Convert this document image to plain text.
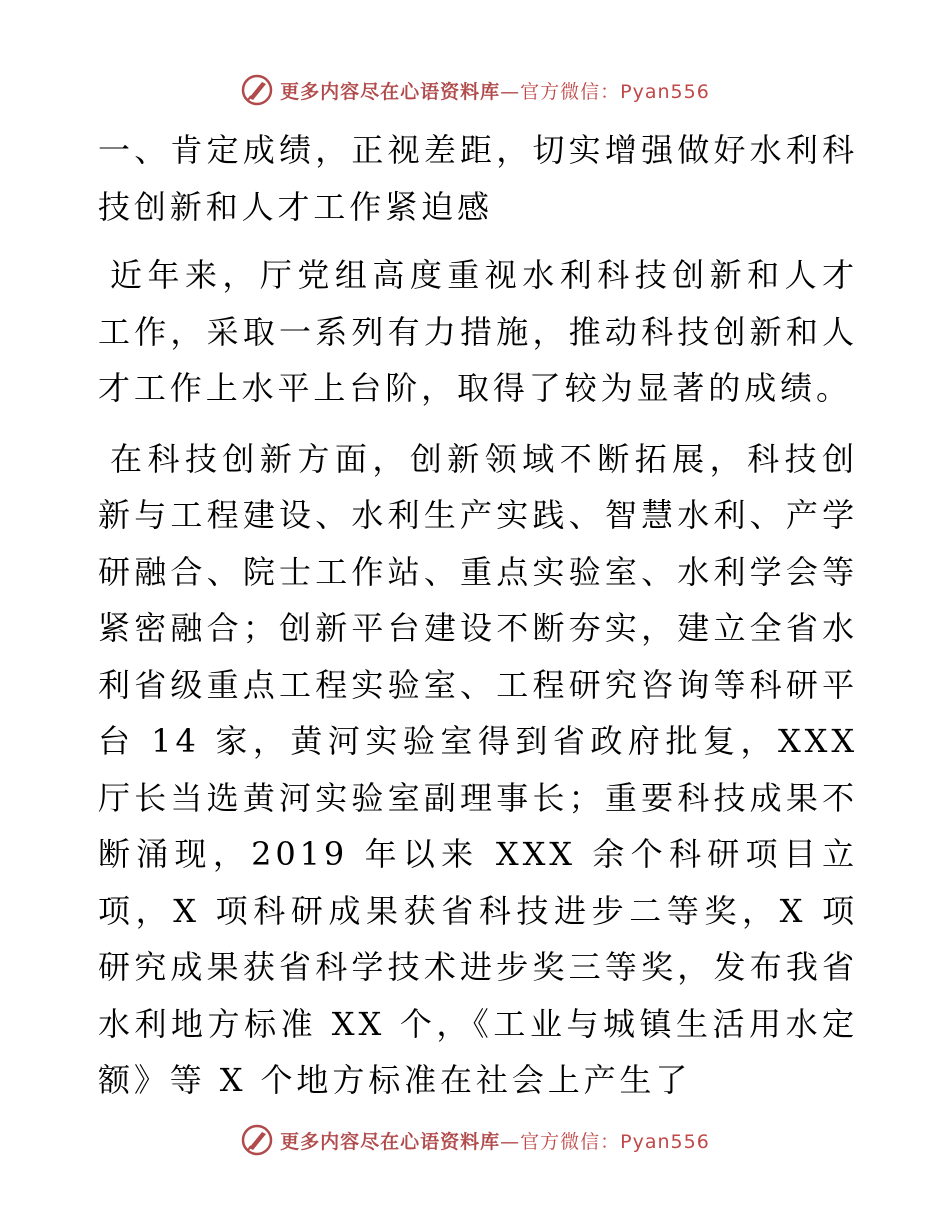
更多内容尽在心语资料库—官方微信：Pyan556

一、肯定成绩，正视差距，切实增强做好水利科技创新和人才工作紧迫感

近年来，厅党组高度重视水利科技创新和人才工作，采取一系列有力措施，推动科技创新和人才工作上水平上台阶，取得了较为显著的成绩。

在科技创新方面，创新领域不断拓展，科技创新与工程建设、水利生产实践、智慧水利、产学研融合、院士工作站、重点实验室、水利学会等紧密融合；创新平台建设不断夯实，建立全省水利省级重点工程实验室、工程研究咨询等科研平台 14 家，黄河实验室得到省政府批复，XXX 厅长当选黄河实验室副理事长；重要科技成果不断涌现，2019 年以来 XXX 余个科研项目立项，X 项科研成果获省科技进步二等奖，X 项研究成果获省科学技术进步奖三等奖，发布我省水利地方标准 XX 个，《工业与城镇生活用水定额》等 X 个地方标准在社会上产生了

更多内容尽在心语资料库—官方微信：Pyan556
